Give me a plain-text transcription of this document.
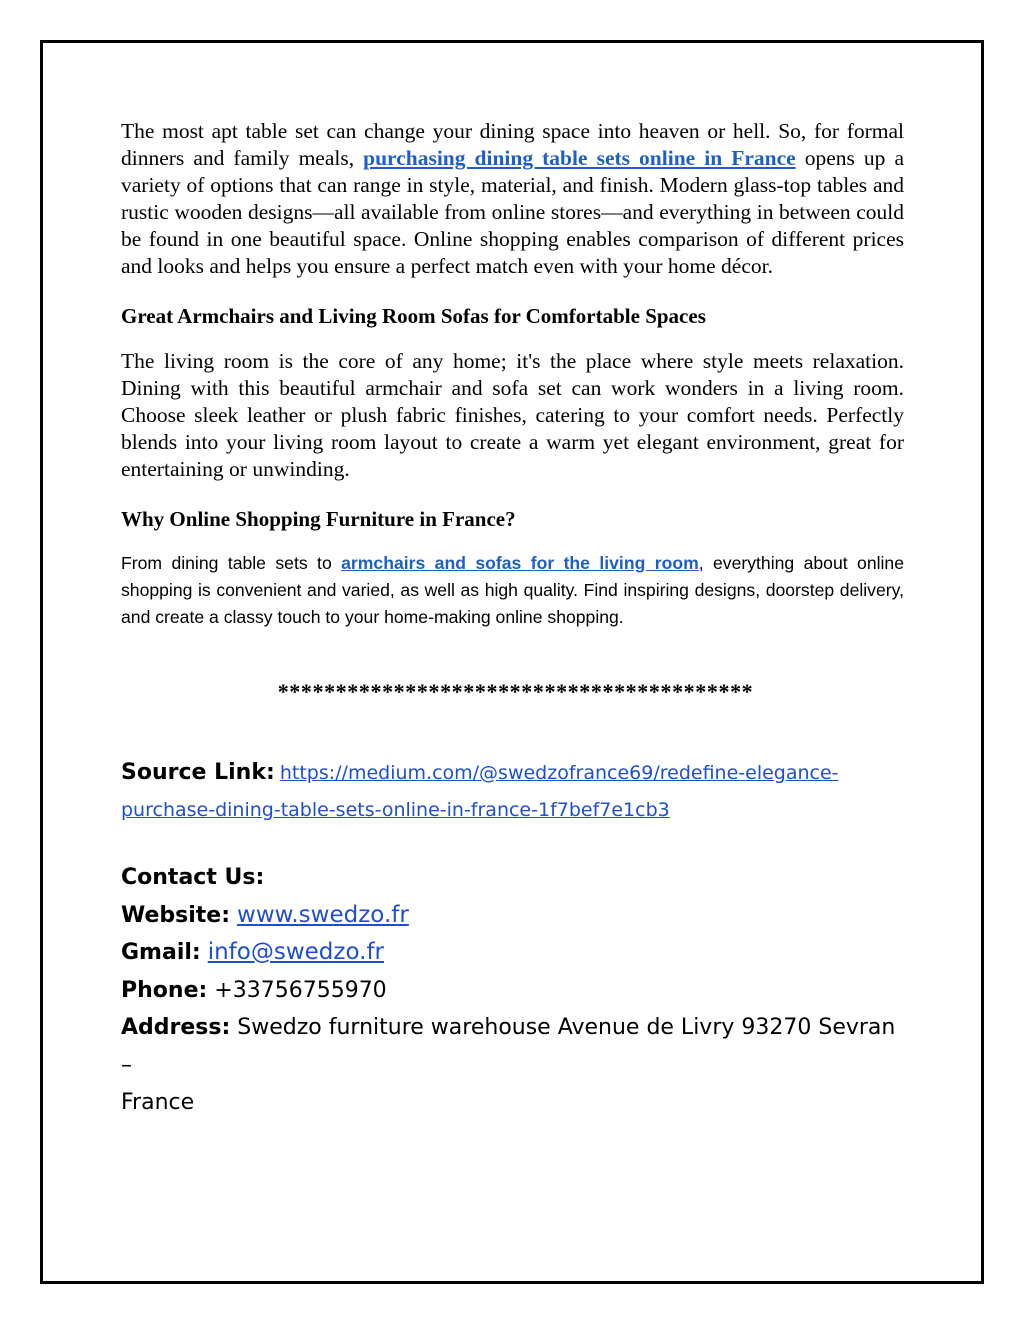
The most apt table set can change your dining space into heaven or hell. So, for formal dinners and family meals, purchasing dining table sets online in France opens up a variety of options that can range in style, material, and finish. Modern glass-top tables and rustic wooden designs—all available from online stores—and everything in between could be found in one beautiful space. Online shopping enables comparison of different prices and looks and helps you ensure a perfect match even with your home décor.

Great Armchairs and Living Room Sofas for Comfortable Spaces

The living room is the core of any home; it's the place where style meets relaxation. Dining with this beautiful armchair and sofa set can work wonders in a living room. Choose sleek leather or plush fabric finishes, catering to your comfort needs. Perfectly blends into your living room layout to create a warm yet elegant environment, great for entertaining or unwinding.

Why Online Shopping Furniture in France?

From dining table sets to armchairs and sofas for the living room, everything about online shopping is convenient and varied, as well as high quality. Find inspiring designs, doorstep delivery, and create a classy touch to your home-making online shopping.

*****************************************

Source Link: https://medium.com/@swedzofrance69/redefine-elegance-
purchase-dining-table-sets-online-in-france-1f7bef7e1cb3

Contact Us:

Website: www.swedzo.fr

Gmail: info@swedzo.fr

Phone: +33756755970

Address: Swedzo furniture warehouse Avenue de Livry 93270 Sevran –
France
